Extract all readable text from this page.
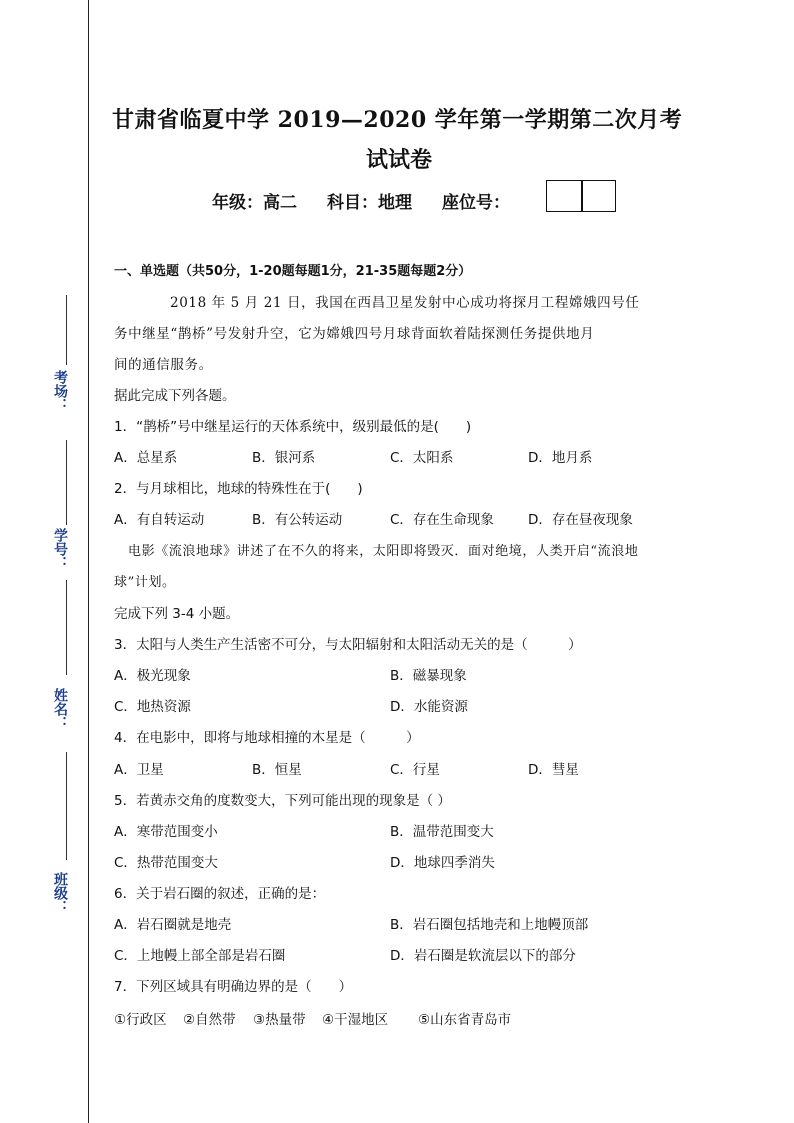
考场：
学号：
姓名：
班级：
甘肃省临夏中学 2019—2020 学年第一学期第二次月考
试试卷
年级：高二 科目：地理 座位号：
一、单选题（共50分，1-20题每题1分，21-35题每题2分）
2018 年 5 月 21 日，我国在西昌卫星发射中心成功将探月工程嫦娥四号任
务中继星“鹊桥”号发射升空，它为嫦娥四号月球背面软着陆探测任务提供地月
间的通信服务。
据此完成下列各题。
1．“鹊桥”号中继星运行的天体系统中，级别最低的是(　　)
A．总星系	B．银河系	C．太阳系	D．地月系
2．与月球相比，地球的特殊性在于(　　)
A．有自转运动	B．有公转运动	C．存在生命现象	D．存在昼夜现象
电影《流浪地球》讲述了在不久的将来，太阳即将毁灭．面对绝境，人类开启“流浪地
球”计划。
完成下列 3-4 小题。
3．太阳与人类生产生活密不可分，与太阳辐射和太阳活动无关的是（　　　）
A．极光现象	B．磁暴现象
C．地热资源	D．水能资源
4．在电影中，即将与地球相撞的木星是（　　　）
A．卫星	B．恒星	C．行星	D．彗星
5．若黄赤交角的度数变大，下列可能出现的现象是（ ）
A．寒带范围变小	B．温带范围变大
C．热带范围变大	D．地球四季消失
6．关于岩石圈的叙述，正确的是：
A．岩石圈就是地壳	B．岩石圈包括地壳和上地幔顶部
C．上地幔上部全部是岩石圈	D．岩石圈是软流层以下的部分
7．下列区域具有明确边界的是（　　）
①行政区 ②自然带 ③热量带 ④干湿地区 ⑤山东省青岛市
